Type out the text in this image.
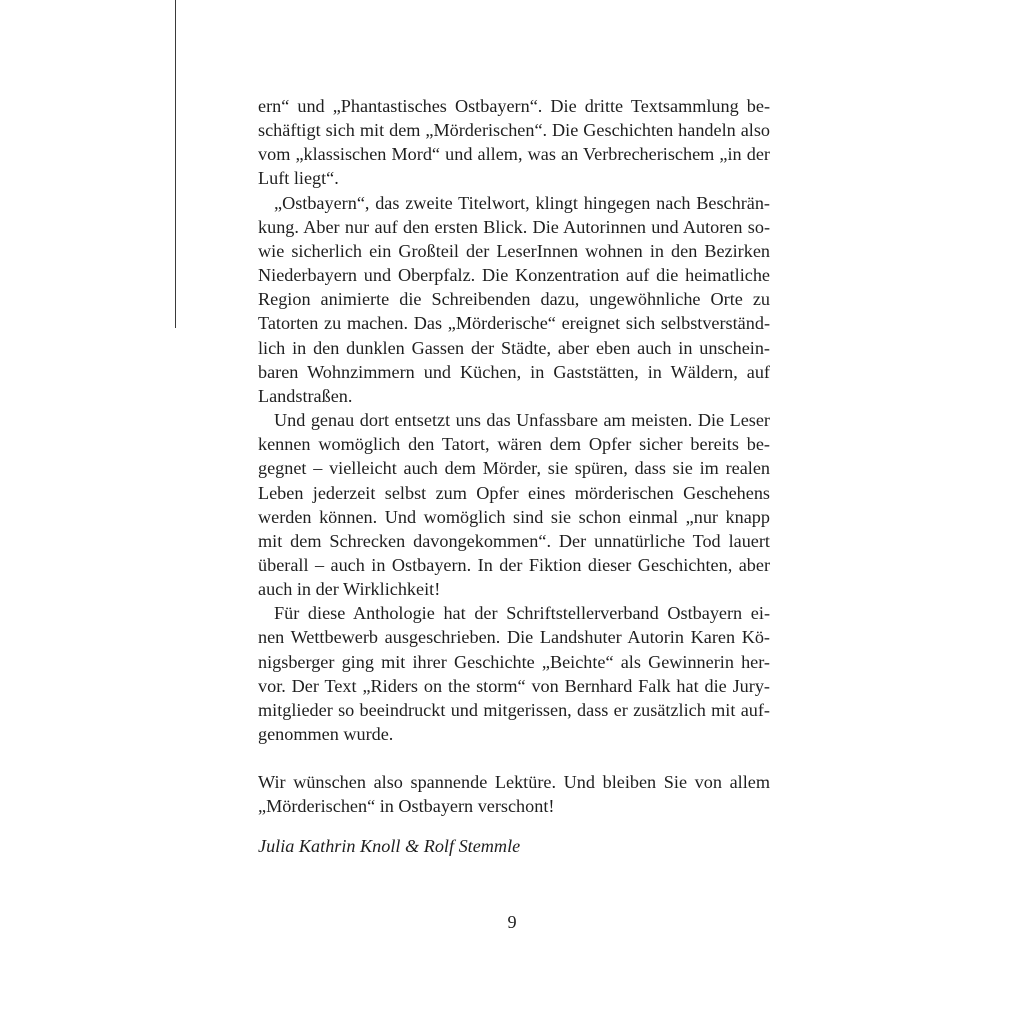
ern“ und „Phantastisches Ostbayern“. Die dritte Textsammlung be-
schäftigt sich mit dem „Mörderischen“. Die Geschichten handeln also
vom „klassischen Mord“ und allem, was an Verbrecherischem „in der
Luft liegt“.
„Ostbayern“, das zweite Titelwort, klingt hingegen nach Beschrän-
kung. Aber nur auf den ersten Blick. Die Autorinnen und Autoren so-
wie sicherlich ein Großteil der LeserInnen wohnen in den Bezirken
Niederbayern und Oberpfalz. Die Konzentration auf die heimatliche
Region animierte die Schreibenden dazu, ungewöhnliche Orte zu
Tatorten zu machen. Das „Mörderische“ ereignet sich selbstverständ-
lich in den dunklen Gassen der Städte, aber eben auch in unschein-
baren Wohnzimmern und Küchen, in Gaststätten, in Wäldern, auf
Landstraßen.
Und genau dort entsetzt uns das Unfassbare am meisten. Die Leser
kennen womöglich den Tatort, wären dem Opfer sicher bereits be-
gegnet – vielleicht auch dem Mörder, sie spüren, dass sie im realen
Leben jederzeit selbst zum Opfer eines mörderischen Geschehens
werden können. Und womöglich sind sie schon einmal „nur knapp
mit dem Schrecken davongekommen“. Der unnatürliche Tod lauert
überall – auch in Ostbayern. In der Fiktion dieser Geschichten, aber
auch in der Wirklichkeit!
Für diese Anthologie hat der Schriftstellerverband Ostbayern ei-
nen Wettbewerb ausgeschrieben. Die Landshuter Autorin Karen Kö-
nigsberger ging mit ihrer Geschichte „Beichte“ als Gewinnerin her-
vor. Der Text „Riders on the storm“ von Bernhard Falk hat die Jury-
mitglieder so beeindruckt und mitgerissen, dass er zusätzlich mit auf-
genommen wurde.
Wir wünschen also spannende Lektüre. Und bleiben Sie von allem
„Mörderischen“ in Ostbayern verschont!
Julia Kathrin Knoll & Rolf Stemmle
9
